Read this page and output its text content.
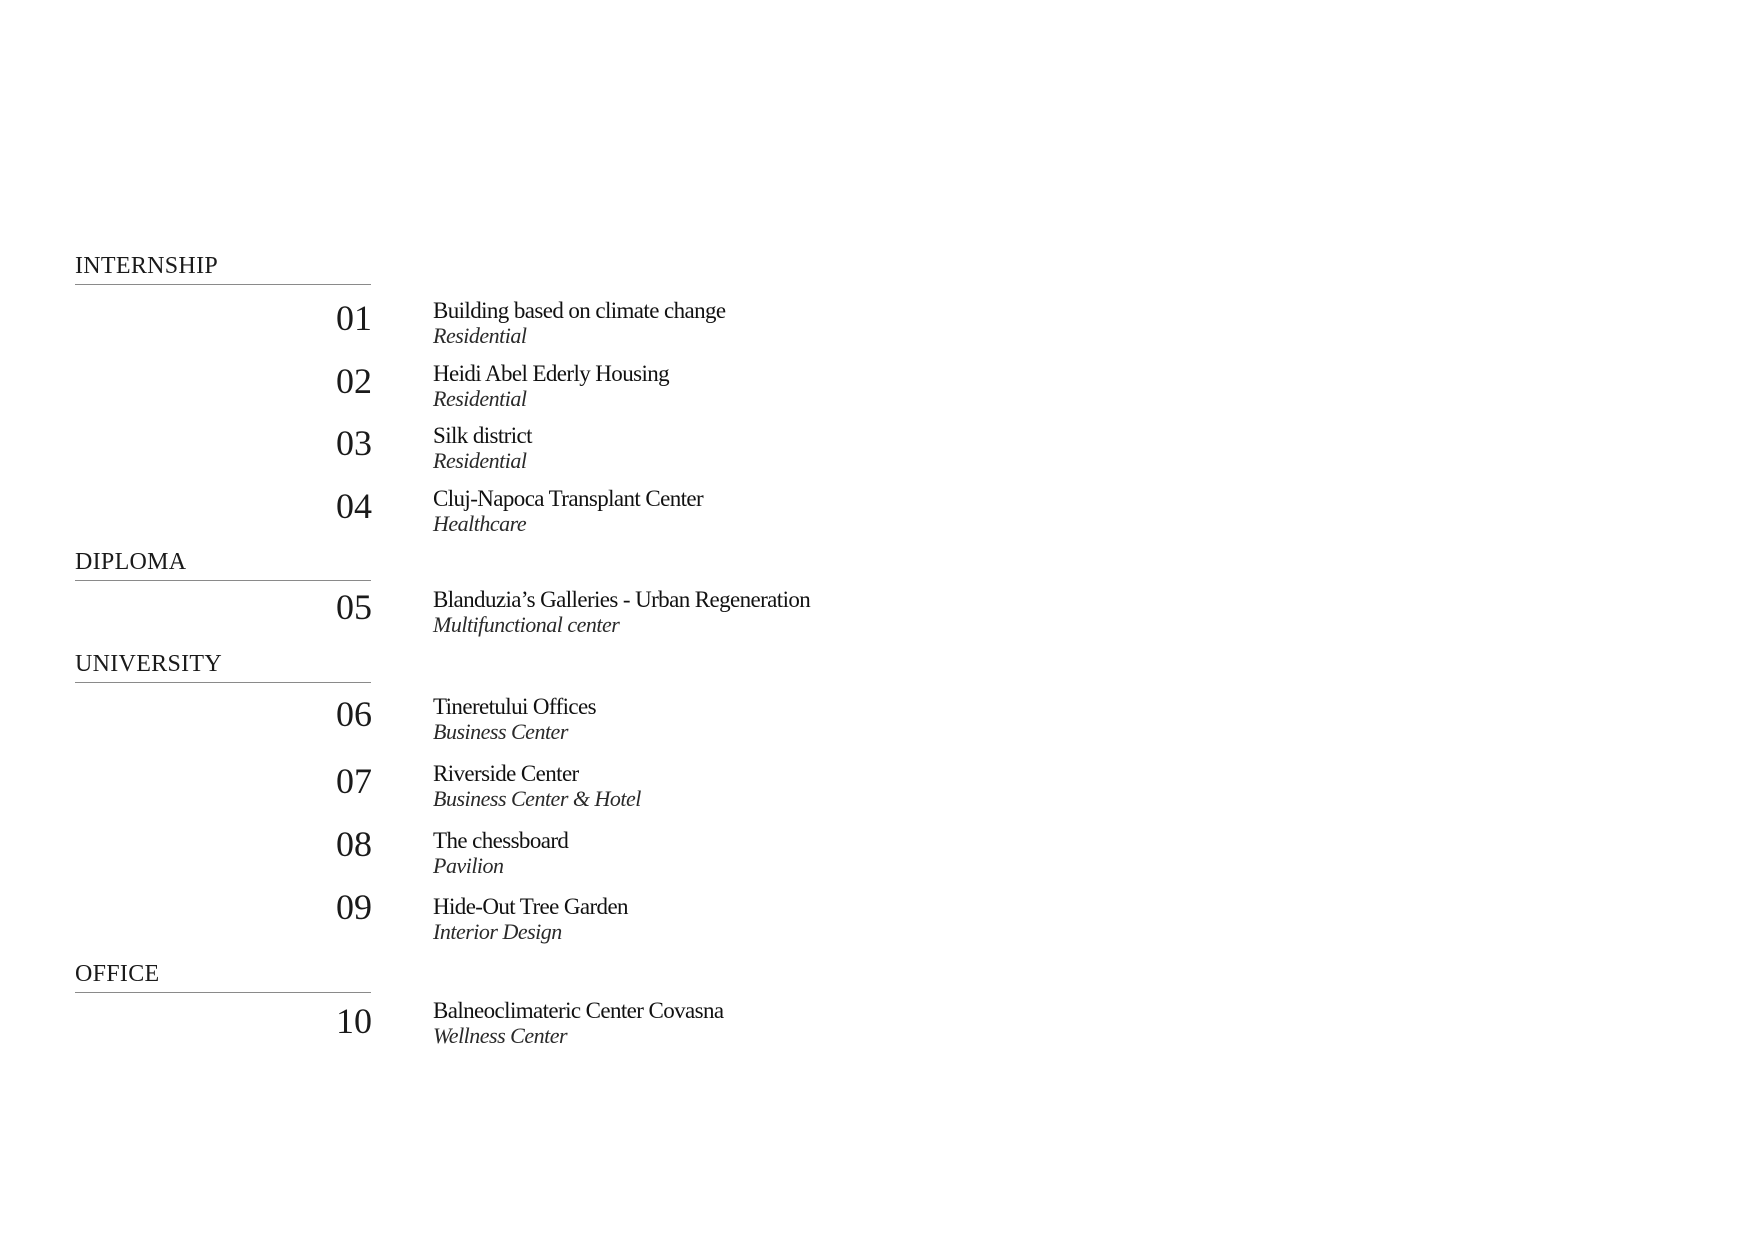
INTERNSHIP
01	Building based on climate change
Residential
02	Heidi Abel Ederly Housing
Residential
03	Silk district
Residential
04	Cluj-Napoca Transplant Center
Healthcare
DIPLOMA
05	Blanduzia’s Galleries - Urban Regeneration
Multifunctional center
UNIVERSITY
06	Tineretului Offices
Business Center
07	Riverside Center
Business Center & Hotel
08	The chessboard
Pavilion
09	Hide-Out Tree Garden
Interior Design
OFFICE
10	Balneoclimateric Center Covasna
Wellness Center
